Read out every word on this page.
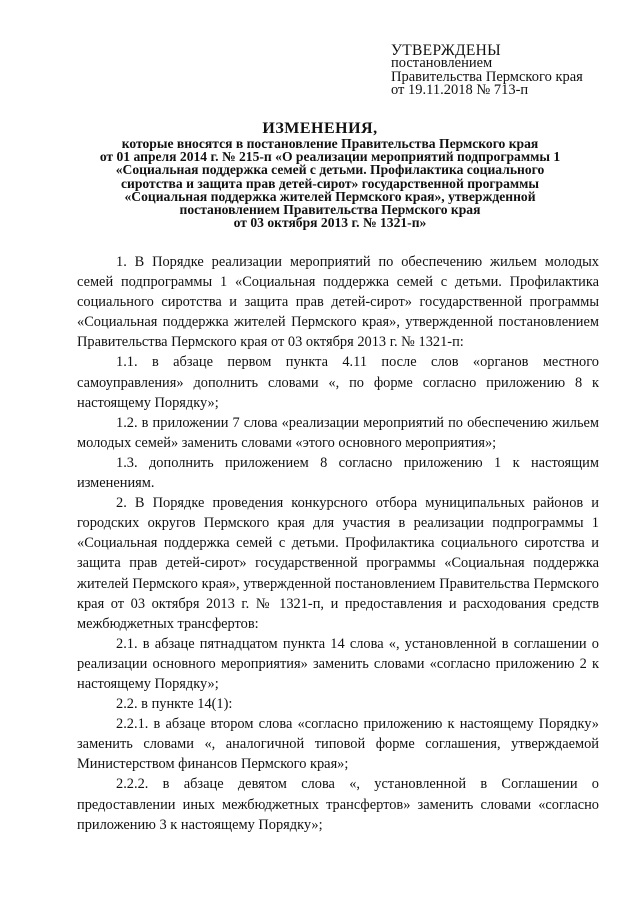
УТВЕРЖДЕНЫ
постановлением
Правительства Пермского края
от 19.11.2018 № 713-п
ИЗМЕНЕНИЯ,
которые вносятся в постановление Правительства Пермского края
от 01 апреля 2014 г. № 215-п «О реализации мероприятий подпрограммы 1
«Социальная поддержка семей с детьми. Профилактика социального
сиротства и защита прав детей-сирот» государственной программы
«Социальная поддержка жителей Пермского края», утвержденной
постановлением Правительства Пермского края
от 03 октября 2013 г. № 1321-п»

1. В Порядке реализации мероприятий по обеспечению жильем молодых семей подпрограммы 1 «Социальная поддержка семей с детьми. Профилактика социального сиротства и защита прав детей-сирот» государственной программы «Социальная поддержка жителей Пермского края», утвержденной постановлением Правительства Пермского края от 03 октября 2013 г. № 1321-п:

1.1. в абзаце первом пункта 4.11 после слов «органов местного самоуправления» дополнить словами «, по форме согласно приложению 8 к настоящему Порядку»;

1.2. в приложении 7 слова «реализации мероприятий по обеспечению жильем молодых семей» заменить словами «этого основного мероприятия»;

1.3. дополнить приложением 8 согласно приложению 1 к настоящим изменениям.

2. В Порядке проведения конкурсного отбора муниципальных районов и городских округов Пермского края для участия в реализации подпрограммы 1 «Социальная поддержка семей с детьми. Профилактика социального сиротства и защита прав детей-сирот» государственной программы «Социальная поддержка жителей Пермского края», утвержденной постановлением Правительства Пермского края от 03 октября 2013 г. № 1321-п, и предоставления и расходования средств межбюджетных трансфертов:

2.1. в абзаце пятнадцатом пункта 14 слова «, установленной в соглашении о реализации основного мероприятия» заменить словами «согласно приложению 2 к настоящему Порядку»;

2.2. в пункте 14(1):

2.2.1. в абзаце втором слова «согласно приложению к настоящему Порядку» заменить словами «, аналогичной типовой форме соглашения, утверждаемой Министерством финансов Пермского края»;

2.2.2. в абзаце девятом слова «, установленной в Соглашении о предоставлении иных межбюджетных трансфертов» заменить словами «согласно приложению 3 к настоящему Порядку»;
